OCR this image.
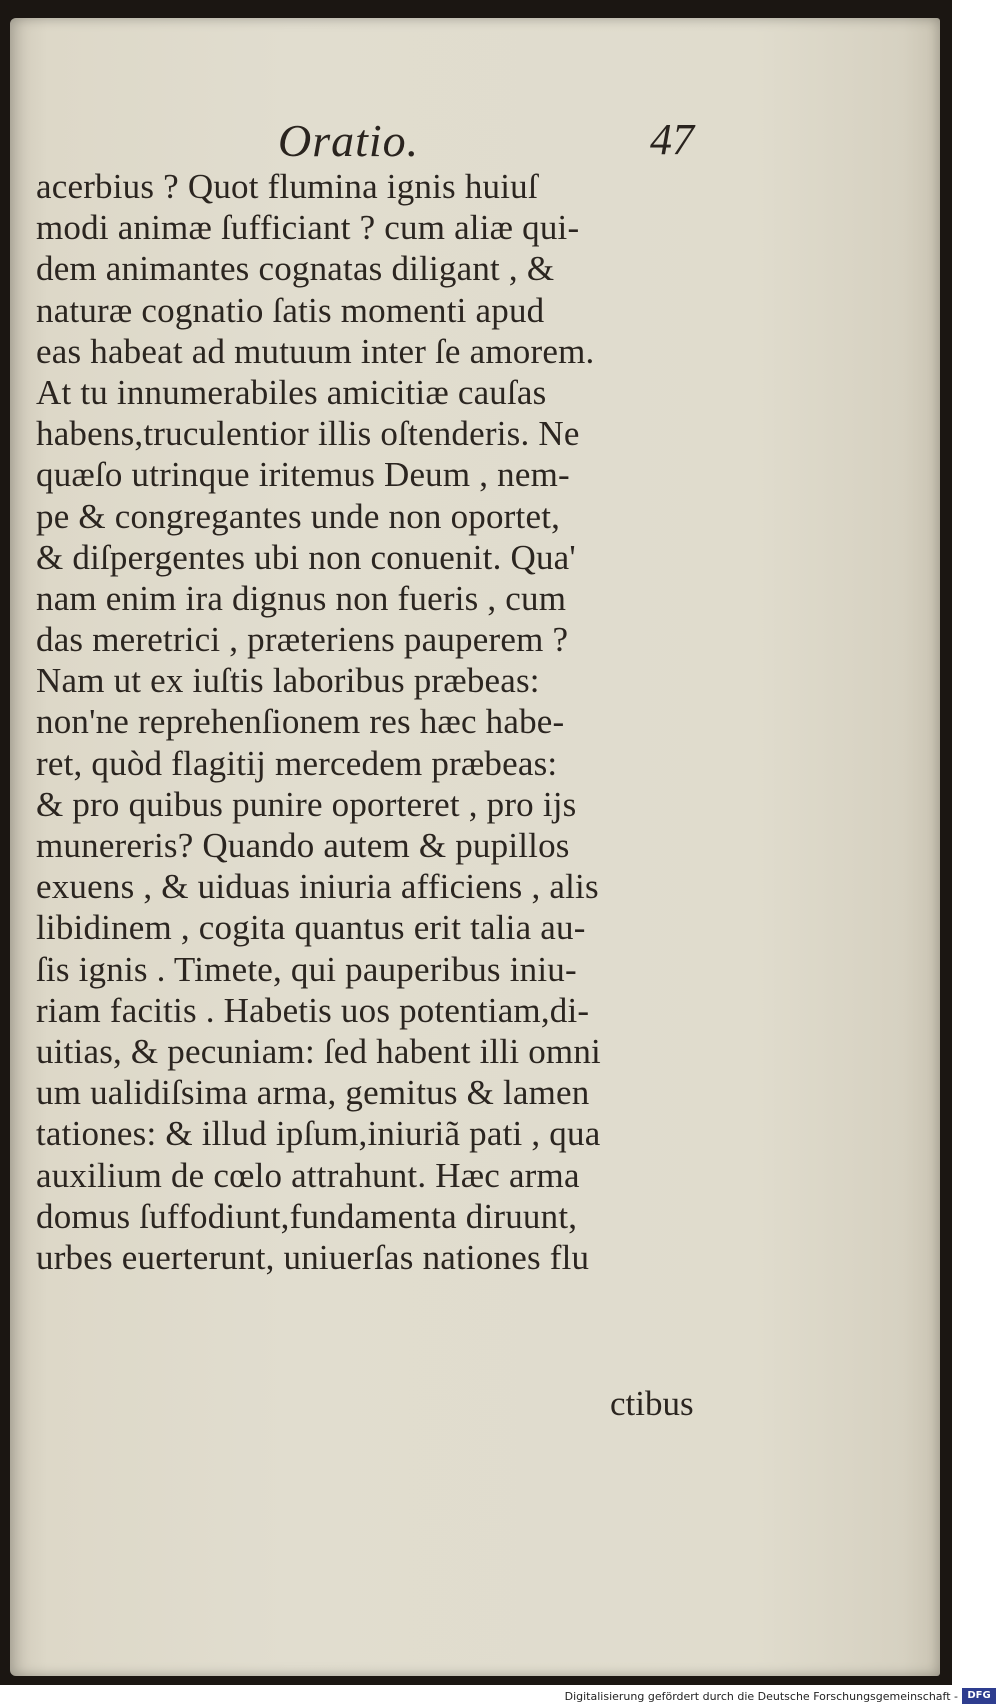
Oratio.	47
acerbius ? Quot flumina ignis huiuſ
modi animæ ſufficiant ? cum aliæ qui-
dem animantes cognatas diligant , &
naturæ cognatio ſatis momenti apud
eas habeat ad mutuum inter ſe amorem.
At tu innumerabiles amicitiæ cauſas
habens,truculentior illis oſtenderis. Ne
quæſo utrinque iritemus Deum , nem-
pe & congregantes unde non oportet,
& diſpergentes ubi non conuenit. Qua'
nam enim ira dignus non fueris , cum
das meretrici , præteriens pauperem ?
Nam ut ex iuſtis laboribus præbeas:
non'ne reprehenſionem res hæc habe-
ret, quòd flagitij mercedem præbeas:
& pro quibus punire oporteret , pro ijs
munereris? Quando autem & pupillos
exuens , & uiduas iniuria afficiens , alis
libidinem , cogita quantus erit talia au-
ſis ignis . Timete, qui pauperibus iniu-
riam facitis . Habetis uos potentiam,di-
uitias, & pecuniam: ſed habent illi omni
um ualidiſsima arma, gemitus & lamen
tationes: & illud ipſum,iniuriã pati , qua
auxilium de cœlo attrahunt. Hæc arma
domus ſuffodiunt,fundamenta diruunt,
urbes euerterunt, uniuerſas nationes flu
ctibus
Digitalisierung gefördert durch die Deutsche Forschungsgemeinschaft - DFG
